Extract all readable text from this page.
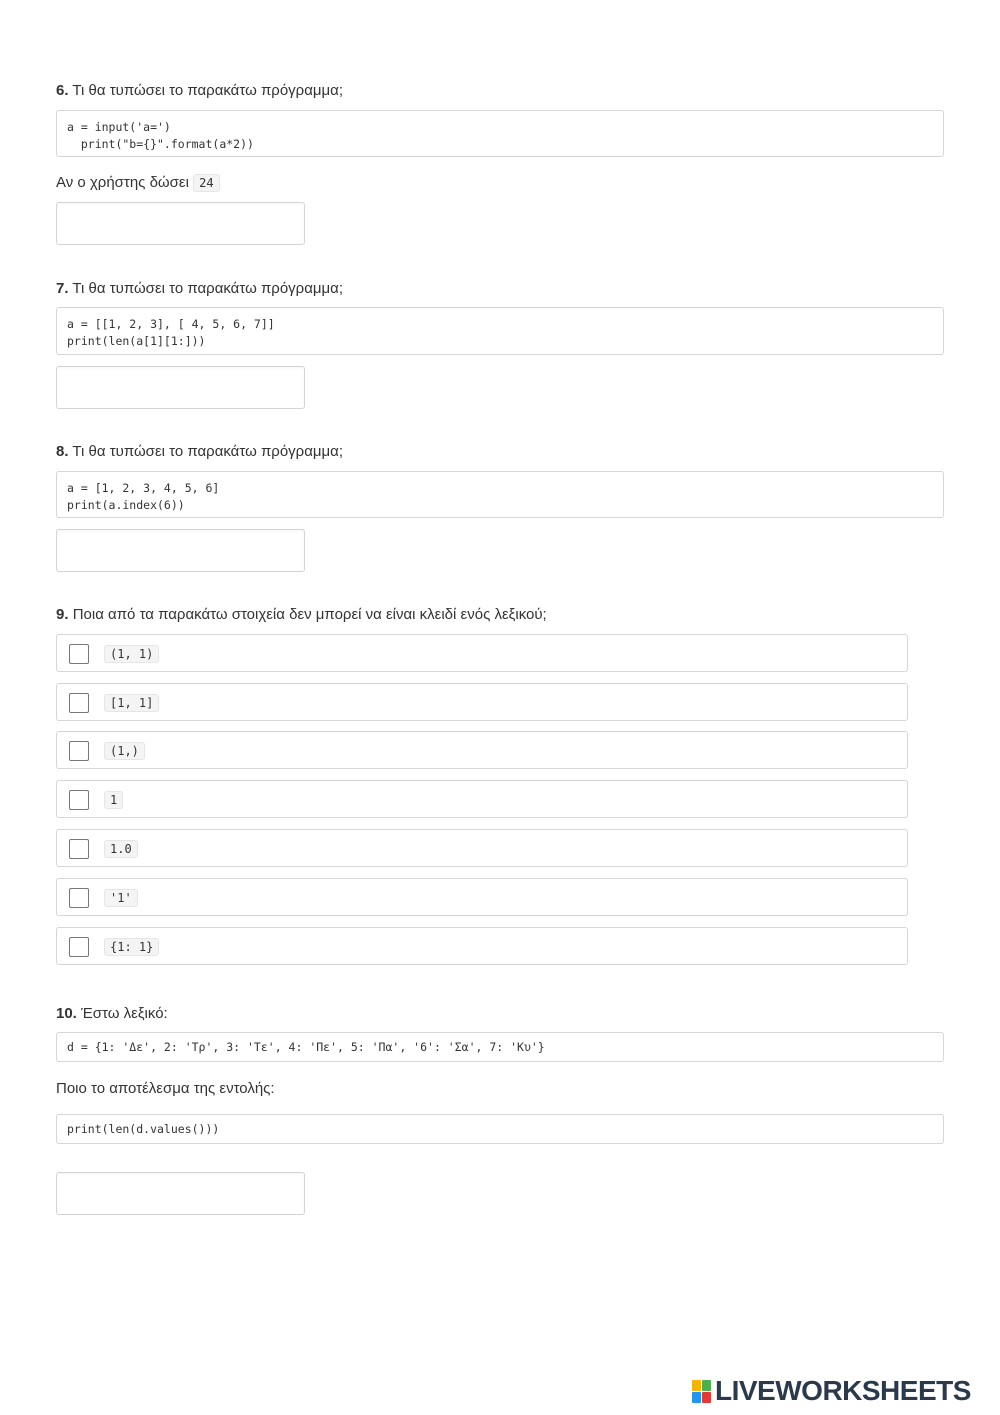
6. Τι θα τυπώσει το παρακάτω πρόγραμμα;
a = input('a=')
print("b={}".format(a*2))
Αν ο χρήστης δώσει 24
7. Τι θα τυπώσει το παρακάτω πρόγραμμα;
a = [[1, 2, 3], [ 4, 5, 6, 7]]
print(len(a[1][1:]))
8. Τι θα τυπώσει το παρακάτω πρόγραμμα;
a = [1, 2, 3, 4, 5, 6]
print(a.index(6))
9. Ποια από τα παρακάτω στοιχεία δεν μπορεί να είναι κλειδί ενός λεξικού;
(1, 1)
[1, 1]
(1,)
1
1.0
'1'
{1: 1}
10. Έστω λεξικό:
d = {1: 'Δε', 2: 'Τρ', 3: 'Τε', 4: 'Πε', 5: 'Πα', '6': 'Σα', 7: 'Κυ'}
Ποιο το αποτέλεσμα της εντολής:
print(len(d.values()))
LIVEWORKSHEETS
